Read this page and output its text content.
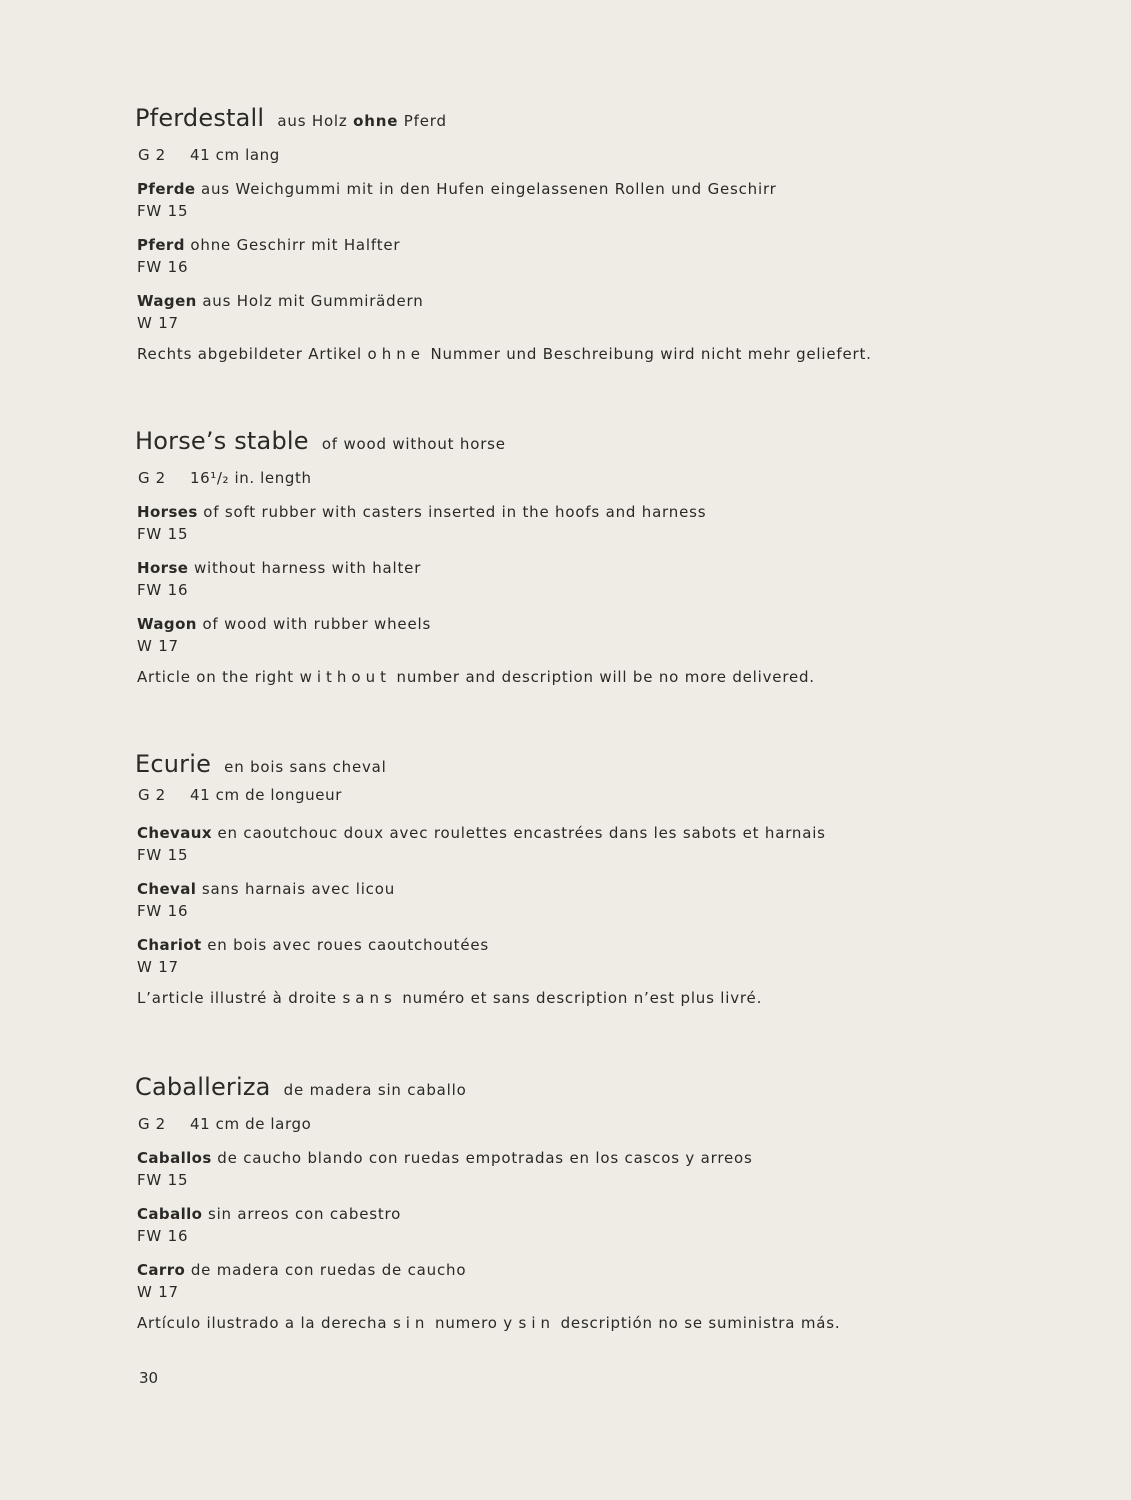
Pferdestall aus Holz ohne Pferd
G 2 41 cm lang
Pferde aus Weichgummi mit in den Hufen eingelassenen Rollen und Geschirr
FW 15
Pferd ohne Geschirr mit Halfter
FW 16
Wagen aus Holz mit Gummirädern
W 17
Rechts abgebildeter Artikel ohne Nummer und Beschreibung wird nicht mehr geliefert.
Horse’s stable of wood without horse
G 2 16¹/₂ in. length
Horses of soft rubber with casters inserted in the hoofs and harness
FW 15
Horse without harness with halter
FW 16
Wagon of wood with rubber wheels
W 17
Article on the right without number and description will be no more delivered.
Ecurie en bois sans cheval
G 2 41 cm de longueur
Chevaux en caoutchouc doux avec roulettes encastrées dans les sabots et harnais
FW 15
Cheval sans harnais avec licou
FW 16
Chariot en bois avec roues caoutchoutées
W 17
L’article illustré à droite sans numéro et sans description n’est plus livré.
Caballeriza de madera sin caballo
G 2 41 cm de largo
Caballos de caucho blando con ruedas empotradas en los cascos y arreos
FW 15
Caballo sin arreos con cabestro
FW 16
Carro de madera con ruedas de caucho
W 17
Artículo ilustrado a la derecha sin numero y sin descriptión no se suministra más.
30
